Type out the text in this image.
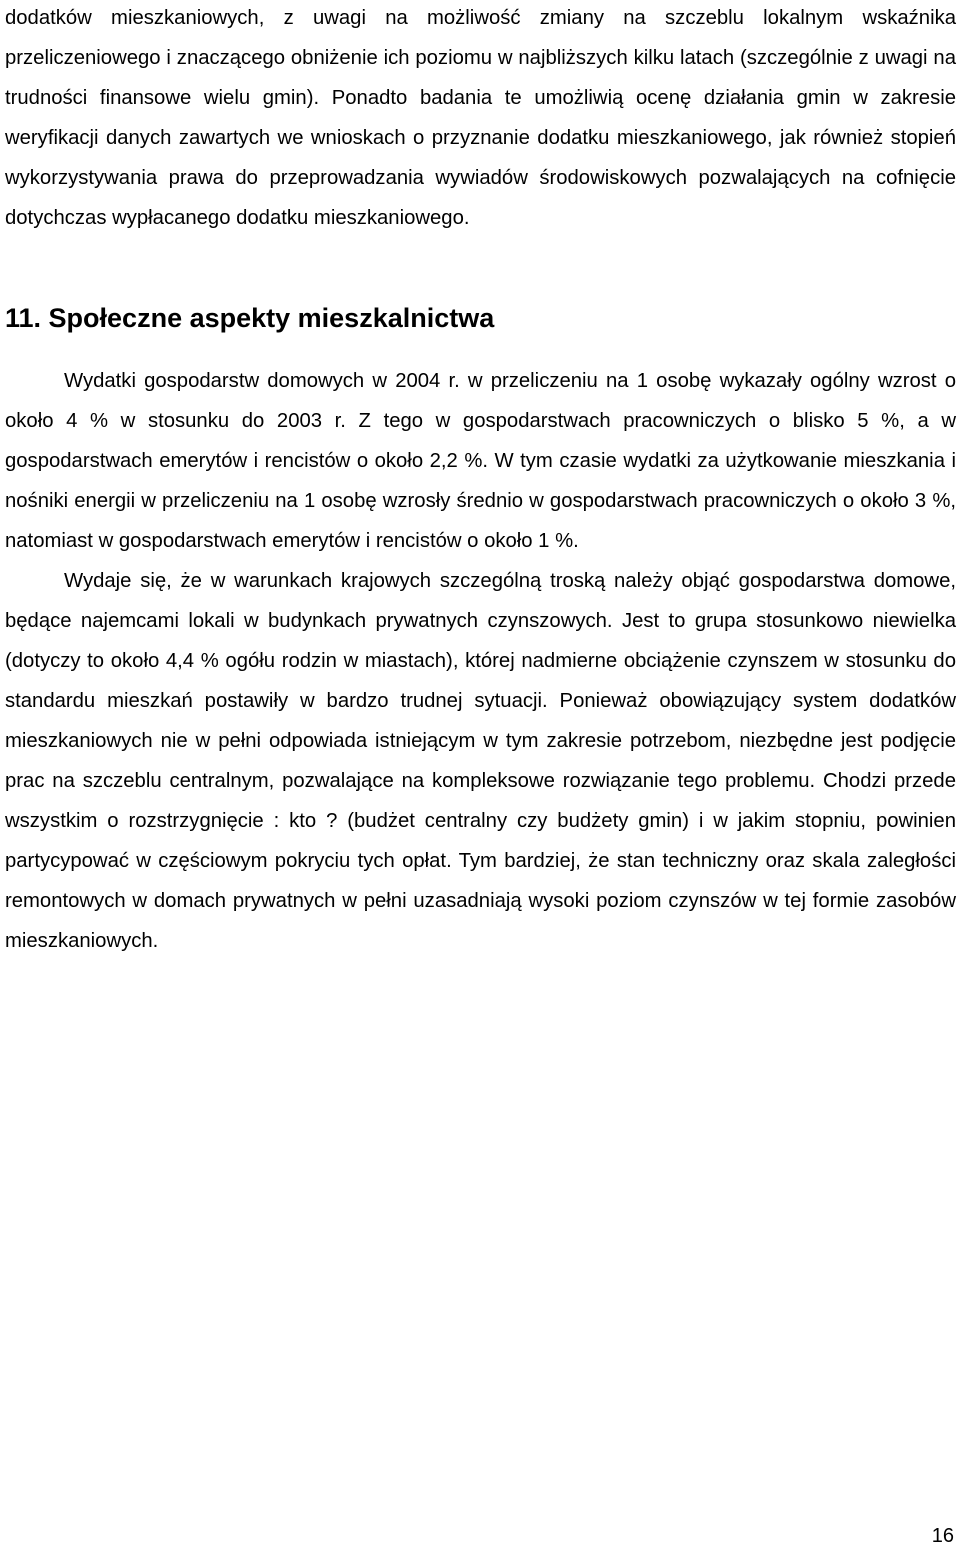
dodatków mieszkaniowych, z uwagi na możliwość zmiany na szczeblu lokalnym wskaźnika przeliczeniowego i znaczącego obniżenie ich poziomu w najbliższych kilku latach (szczególnie z uwagi na trudności finansowe wielu gmin). Ponadto badania te umożliwią ocenę działania gmin w zakresie weryfikacji danych zawartych we wnioskach o przyznanie dodatku mieszkaniowego, jak również stopień wykorzystywania prawa do przeprowadzania wywiadów środowiskowych pozwalających na cofnięcie dotychczas wypłacanego dodatku mieszkaniowego.

11. Społeczne aspekty mieszkalnictwa

Wydatki gospodarstw domowych w 2004 r. w przeliczeniu na 1 osobę wykazały ogólny wzrost o około 4 % w stosunku do 2003 r. Z tego w gospodarstwach pracowniczych o blisko 5 %, a w gospodarstwach emerytów i rencistów o około 2,2 %. W tym czasie wydatki za użytkowanie mieszkania i nośniki energii w przeliczeniu na 1 osobę wzrosły średnio w gospodarstwach pracowniczych o około 3 %, natomiast w gospodarstwach emerytów i rencistów o około 1 %.

Wydaje się, że w warunkach krajowych szczególną troską należy objąć gospodarstwa domowe, będące najemcami lokali w budynkach prywatnych czynszowych. Jest to grupa stosunkowo niewielka (dotyczy to około 4,4 % ogółu rodzin w miastach), której nadmierne obciążenie czynszem w stosunku do standardu mieszkań postawiły w bardzo trudnej sytuacji. Ponieważ obowiązujący system dodatków mieszkaniowych nie w pełni odpowiada istniejącym w tym zakresie potrzebom, niezbędne jest podjęcie prac na szczeblu centralnym, pozwalające na kompleksowe rozwiązanie tego problemu. Chodzi przede wszystkim o rozstrzygnięcie : kto ? (budżet centralny czy budżety gmin) i w jakim stopniu, powinien partycypować w częściowym pokryciu tych opłat. Tym bardziej, że stan techniczny oraz skala zaległości remontowych w domach prywatnych w pełni uzasadniają wysoki poziom czynszów w tej formie zasobów mieszkaniowych.

16
